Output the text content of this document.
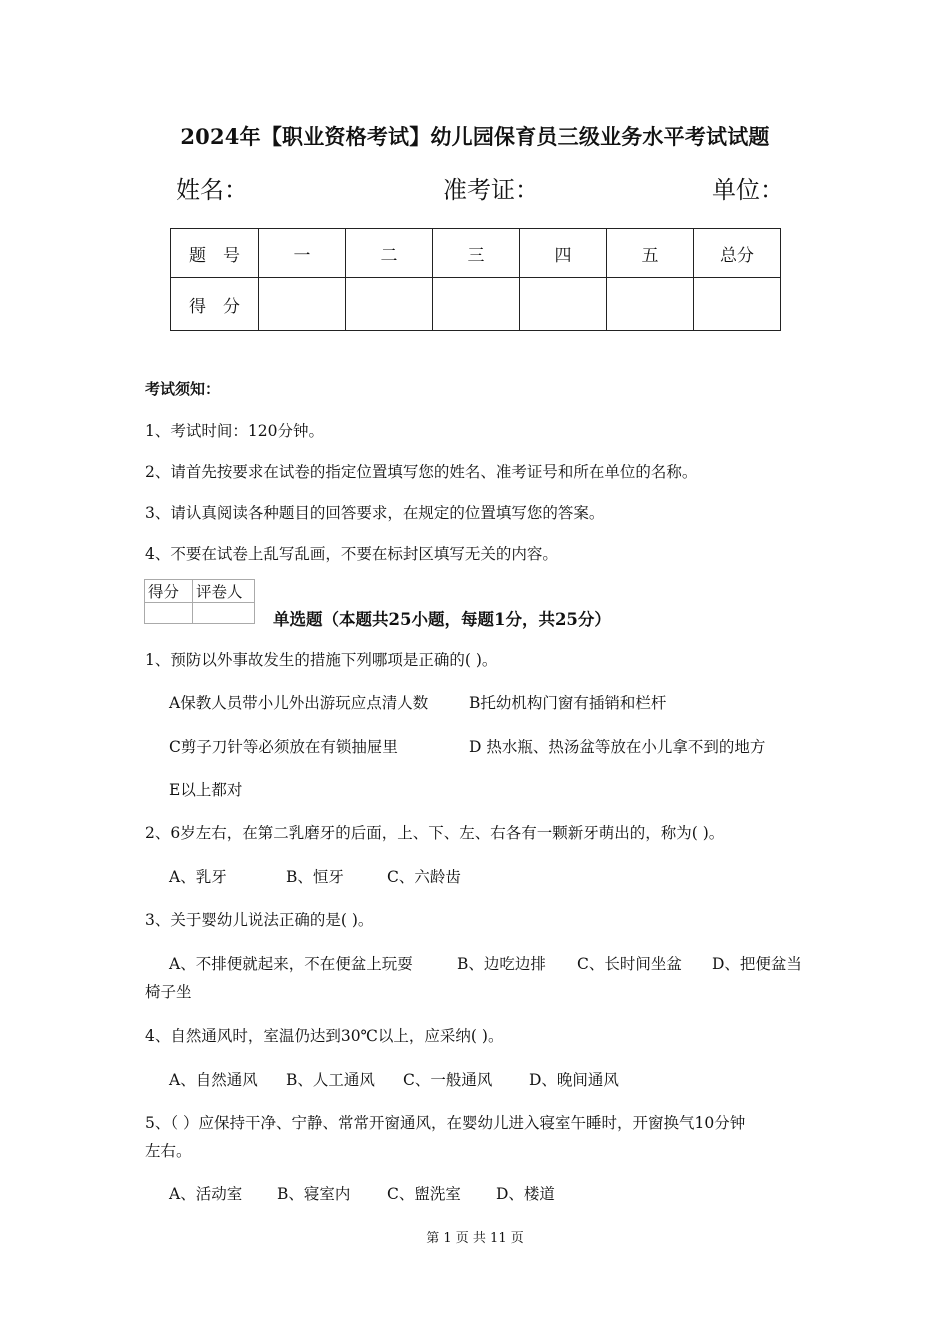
2024年【职业资格考试】幼儿园保育员三级业务水平考试试题
姓名：	准考证：	单位：
题　号	一	二	三	四	五	总分
得　分						
考试须知：
1、考试时间：120分钟。
2、请首先按要求在试卷的指定位置填写您的姓名、准考证号和所在单位的名称。
3、请认真阅读各种题目的回答要求，在规定的位置填写您的答案。
4、不要在试卷上乱写乱画，不要在标封区填写无关的内容。
得分	评卷人

单选题（本题共25小题，每题1分，共25分）
1、预防以外事故发生的措施下列哪项是正确的( )。
A保教人员带小儿外出游玩应点清人数	B托幼机构门窗有插销和栏杆
C剪子刀针等必须放在有锁抽屉里	D 热水瓶、热汤盆等放在小儿拿不到的地方
E以上都对
2、6岁左右，在第二乳磨牙的后面，上、下、左、右各有一颗新牙萌出的，称为( )。
A、乳牙	B、恒牙	C、六龄齿
3、关于婴幼儿说法正确的是( )。
A、不排便就起来，不在便盆上玩耍	B、边吃边排 C、长时间坐盆 D、把便盆当
椅子坐
4、自然通风时，室温仍达到30℃以上，应采纳( )。
A、自然通风 B、人工通风 C、一般通风 D、晚间通风
5、（ ）应保持干净、宁静、常常开窗通风，在婴幼儿进入寝室午睡时，开窗换气10分钟
左右。
A、活动室 B、寝室内 C、盥洗室 D、楼道
第 1 页 共 11 页
